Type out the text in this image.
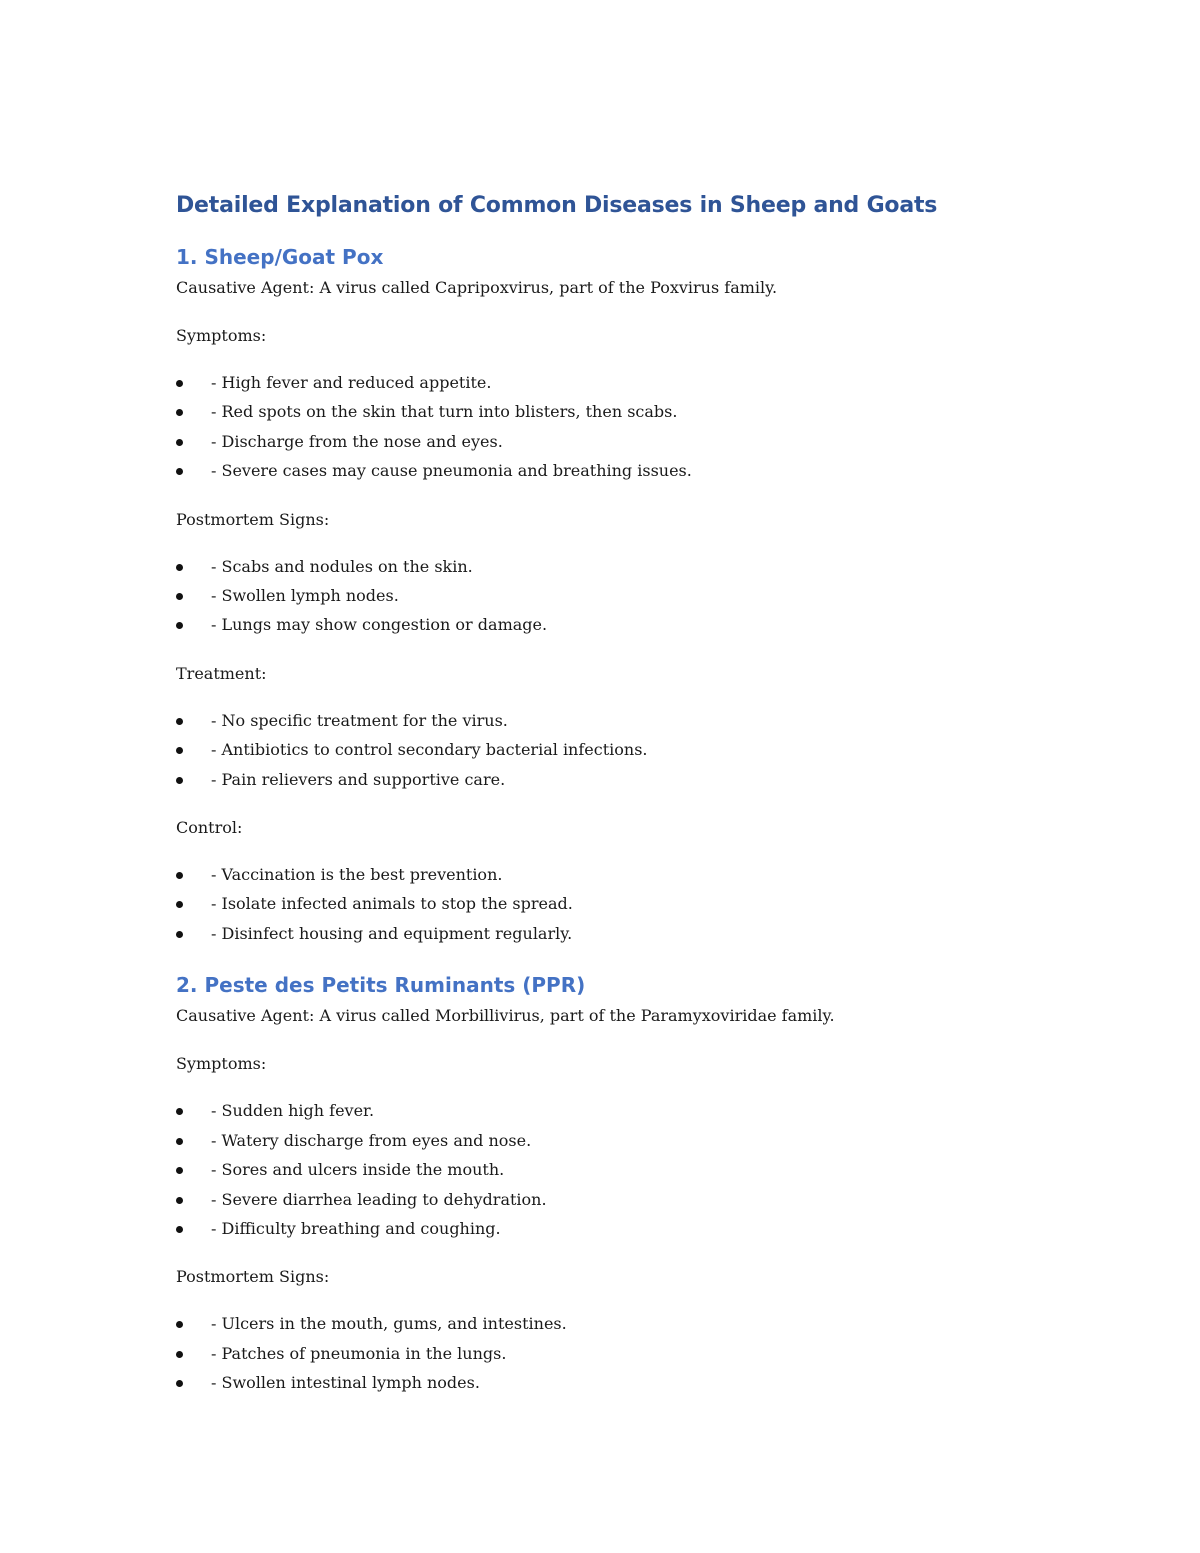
Detailed Explanation of Common Diseases in Sheep and Goats
1. Sheep/Goat Pox

Causative Agent: A virus called Capripoxvirus, part of the Poxvirus family.

Symptoms:

- High fever and reduced appetite.
- Red spots on the skin that turn into blisters, then scabs.
- Discharge from the nose and eyes.
- Severe cases may cause pneumonia and breathing issues.

Postmortem Signs:

- Scabs and nodules on the skin.
- Swollen lymph nodes.
- Lungs may show congestion or damage.

Treatment:

- No specific treatment for the virus.
- Antibiotics to control secondary bacterial infections.
- Pain relievers and supportive care.

Control:

- Vaccination is the best prevention.
- Isolate infected animals to stop the spread.
- Disinfect housing and equipment regularly.
2. Peste des Petits Ruminants (PPR)

Causative Agent: A virus called Morbillivirus, part of the Paramyxoviridae family.

Symptoms:

- Sudden high fever.
- Watery discharge from eyes and nose.
- Sores and ulcers inside the mouth.
- Severe diarrhea leading to dehydration.
- Difficulty breathing and coughing.

Postmortem Signs:

- Ulcers in the mouth, gums, and intestines.
- Patches of pneumonia in the lungs.
- Swollen intestinal lymph nodes.
